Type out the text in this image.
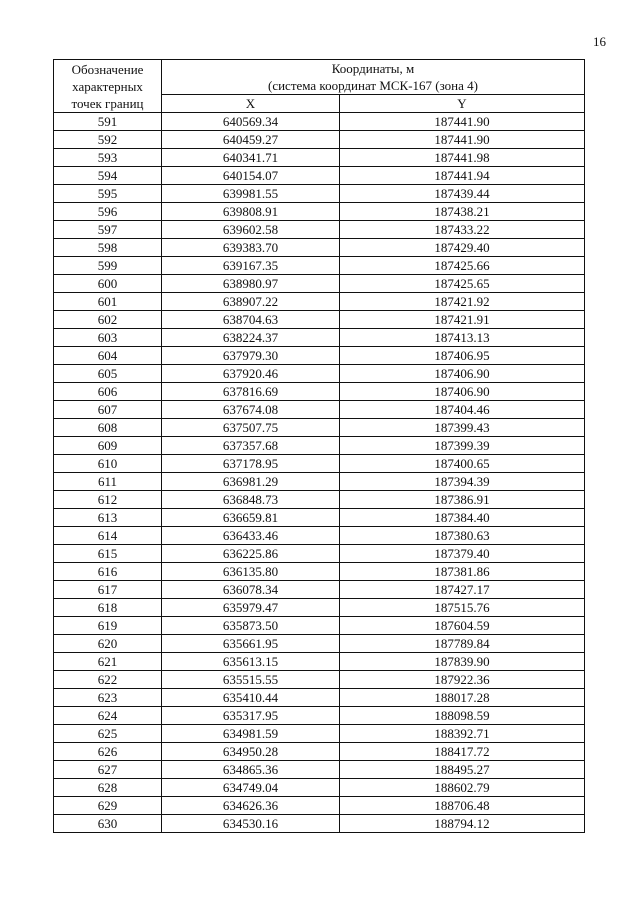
16
Обозначение
характерных
точек границ	Координаты, м
(система координат МСК-167 (зона 4)	
	X	Y
591	640569.34	187441.90
592	640459.27	187441.90
593	640341.71	187441.98
594	640154.07	187441.94
595	639981.55	187439.44
596	639808.91	187438.21
597	639602.58	187433.22
598	639383.70	187429.40
599	639167.35	187425.66
600	638980.97	187425.65
601	638907.22	187421.92
602	638704.63	187421.91
603	638224.37	187413.13
604	637979.30	187406.95
605	637920.46	187406.90
606	637816.69	187406.90
607	637674.08	187404.46
608	637507.75	187399.43
609	637357.68	187399.39
610	637178.95	187400.65
611	636981.29	187394.39
612	636848.73	187386.91
613	636659.81	187384.40
614	636433.46	187380.63
615	636225.86	187379.40
616	636135.80	187381.86
617	636078.34	187427.17
618	635979.47	187515.76
619	635873.50	187604.59
620	635661.95	187789.84
621	635613.15	187839.90
622	635515.55	187922.36
623	635410.44	188017.28
624	635317.95	188098.59
625	634981.59	188392.71
626	634950.28	188417.72
627	634865.36	188495.27
628	634749.04	188602.79
629	634626.36	188706.48
630	634530.16	188794.12
